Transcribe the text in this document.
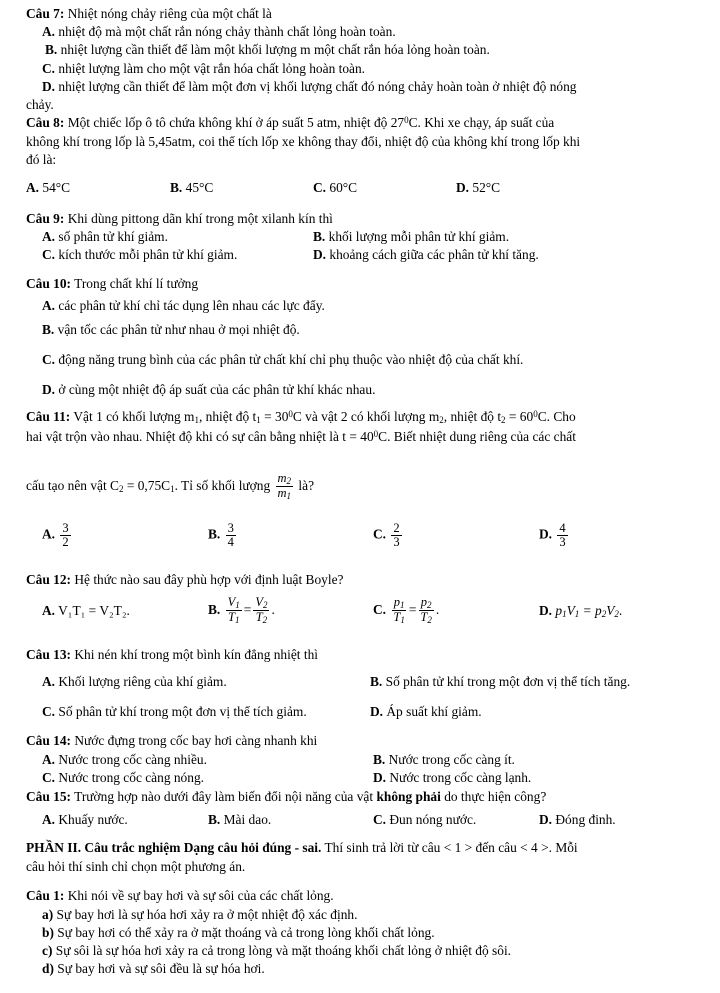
Câu 7: Nhiệt nóng chảy riêng của một chất là
A. nhiệt độ mà một chất rắn nóng chảy thành chất lỏng hoàn toàn.
B. nhiệt lượng cần thiết để làm một khối lượng m một chất rắn hóa lỏng hoàn toàn.
C. nhiệt lượng làm cho một vật rắn hóa chất lỏng hoàn toàn.
D. nhiệt lượng cần thiết để làm một đơn vị khối lượng chất đó nóng chảy hoàn toàn ở nhiệt độ nóng
chảy.
Câu 8: Một chiếc lốp ô tô chứa không khí ở áp suất 5 atm, nhiệt độ $27^0C$. Khi xe chạy, áp suất của
không khí trong lốp là 5,45atm, coi thể tích lốp xe không thay đổi, nhiệt độ của không khí trong lốp khi
đó là:
A. 54°C	B. 45°C	C. 60°C	D. 52°C
Câu 9: Khi dùng pittong dãn khí trong một xilanh kín thì
A. số phân tử khí giảm.	B. khối lượng mỗi phân tử khí giảm.
C. kích thước mỗi phân tử khí giảm.	D. khoảng cách giữa các phân tử khí tăng.
Câu 10: Trong chất khí lí tưởng
A. các phân tử khí chỉ tác dụng lên nhau các lực đẩy.
B. vận tốc các phân tử như nhau ở mọi nhiệt độ.
C. động năng trung bình của các phân tử chất khí chỉ phụ thuộc vào nhiệt độ của chất khí.
D. ở cùng một nhiệt độ áp suất của các phân tử khí khác nhau.
Câu 11: Vật 1 có khối lượng $m_1$, nhiệt độ $t_1 = 30^0C$ và vật 2 có khối lượng $m_2$, nhiệt độ $t_2 = 60^0C$. Cho
hai vật trộn vào nhau. Nhiệt độ khi có sự cân bằng nhiệt là $t = 40^0C$. Biết nhiệt dung riêng của các chất
cấu tạo nên vật $C_2 = 0,75C_1$. Tỉ số khối lượng $\frac{m_2}{m_1}$ là?
A. $\frac{3}{2}$	B. $\frac{3}{4}$	C. $\frac{2}{3}$	D. $\frac{4}{3}$
Câu 12: Hệ thức nào sau đây phù hợp với định luật Boyle?
A. V₁T₁ = V₂T₂.	B. $\frac{V_1}{T_1} = \frac{V_2}{T_2}$ .	C. $\frac{p_1}{T_1} = \frac{p_2}{T_2}$ .	D. $p_1V_1 = p_2V_2$.
Câu 13: Khi nén khí trong một bình kín đẳng nhiệt thì
A. Khối lượng riêng của khí giảm.	B. Số phân tử khí trong một đơn vị thể tích tăng.
C. Số phân tử khí trong một đơn vị thể tích giảm.	D. Áp suất khí giảm.
Câu 14: Nước đựng trong cốc bay hơi càng nhanh khi
A. Nước trong cốc càng nhiều.	B. Nước trong cốc càng ít.
C. Nước trong cốc càng nóng.	D. Nước trong cốc càng lạnh.
Câu 15: Trường hợp nào dưới đây làm biến đổi nội năng của vật không phải do thực hiện công?
A. Khuấy nước.	B. Mài dao.	C. Đun nóng nước.	D. Đóng đinh.
PHẦN II. Câu trắc nghiệm Dạng câu hỏi đúng - sai. Thí sinh trả lời từ câu < 1 > đến câu < 4 >. Mỗi
câu hỏi thí sinh chỉ chọn một phương án.
Câu 1: Khi nói về sự bay hơi và sự sôi của các chất lỏng.
a) Sự bay hơi là sự hóa hơi xảy ra ở một nhiệt độ xác định.
b) Sự bay hơi có thể xảy ra ở mặt thoáng và cả trong lòng khối chất lỏng.
c) Sự sôi là sự hóa hơi xảy ra cả trong lòng và mặt thoáng khối chất lỏng ở nhiệt độ sôi.
d) Sự bay hơi và sự sôi đều là sự hóa hơi.
